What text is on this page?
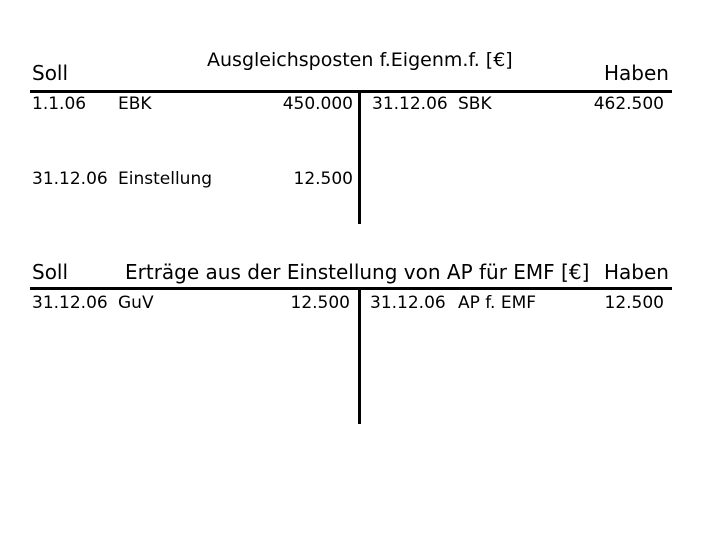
Soll
Ausgleichsposten f.Eigenm.f. [€]
Haben
1.1.06 EBK	450.000 31.12.06 SBK	462.500
31.12.06 Einstellung	12.500
Soll	Erträge aus der Einstellung von AP für EMF [€] Haben
31.12.06 GuV	12.500 31.12.06 AP f. EMF	12.500
